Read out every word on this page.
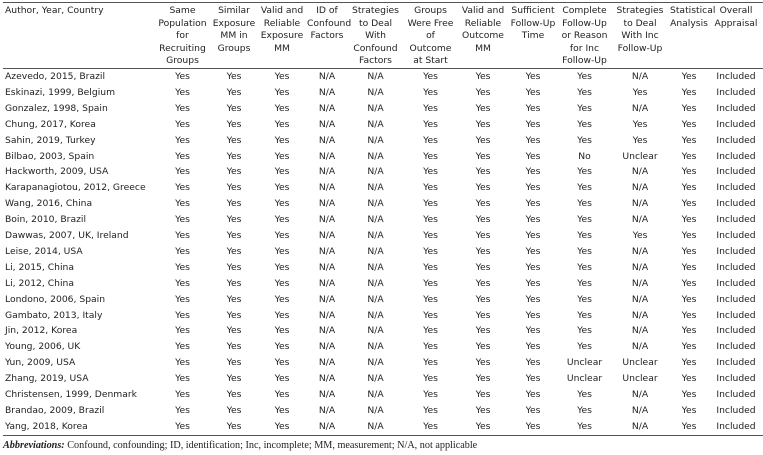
Author, Year, Country	Same Population for Recruiting Groups	Similar Exposure MM in Groups	Valid and Reliable Exposure MM	ID of Confound Factors	Strategies to Deal With Confound Factors	Groups Were Free of Outcome at Start	Valid and Reliable Outcome MM	Sufficient Follow-Up Time	Complete Follow-Up or Reason for Inc Follow-Up	Strategies to Deal With Inc Follow-Up	Statistical Analysis	Overall Appraisal
Azevedo, 2015, Brazil	Yes	Yes	Yes	N/A	N/A	Yes	Yes	Yes	Yes	N/A	Yes	Included
Eskinazi, 1999, Belgium	Yes	Yes	Yes	N/A	N/A	Yes	Yes	Yes	Yes	Yes	Yes	Included
Gonzalez, 1998, Spain	Yes	Yes	Yes	N/A	N/A	Yes	Yes	Yes	Yes	N/A	Yes	Included
Chung, 2017, Korea	Yes	Yes	Yes	N/A	N/A	Yes	Yes	Yes	Yes	Yes	Yes	Included
Sahin, 2019, Turkey	Yes	Yes	Yes	N/A	N/A	Yes	Yes	Yes	Yes	Yes	Yes	Included
Bilbao, 2003, Spain	Yes	Yes	Yes	N/A	N/A	Yes	Yes	Yes	No	Unclear	Yes	Included
Hackworth, 2009, USA	Yes	Yes	Yes	N/A	N/A	Yes	Yes	Yes	Yes	N/A	Yes	Included
Karapanagiotou, 2012, Greece	Yes	Yes	Yes	N/A	N/A	Yes	Yes	Yes	Yes	N/A	Yes	Included
Wang, 2016, China	Yes	Yes	Yes	N/A	N/A	Yes	Yes	Yes	Yes	N/A	Yes	Included
Boin, 2010, Brazil	Yes	Yes	Yes	N/A	N/A	Yes	Yes	Yes	Yes	N/A	Yes	Included
Dawwas, 2007, UK, Ireland	Yes	Yes	Yes	N/A	N/A	Yes	Yes	Yes	Yes	Yes	Yes	Included
Leise, 2014, USA	Yes	Yes	Yes	N/A	N/A	Yes	Yes	Yes	Yes	N/A	Yes	Included
Li, 2015, China	Yes	Yes	Yes	N/A	N/A	Yes	Yes	Yes	Yes	N/A	Yes	Included
Li, 2012, China	Yes	Yes	Yes	N/A	N/A	Yes	Yes	Yes	Yes	N/A	Yes	Included
Londono, 2006, Spain	Yes	Yes	Yes	N/A	N/A	Yes	Yes	Yes	Yes	N/A	Yes	Included
Gambato, 2013, Italy	Yes	Yes	Yes	N/A	N/A	Yes	Yes	Yes	Yes	N/A	Yes	Included
Jin, 2012, Korea	Yes	Yes	Yes	N/A	N/A	Yes	Yes	Yes	Yes	N/A	Yes	Included
Young, 2006, UK	Yes	Yes	Yes	N/A	N/A	Yes	Yes	Yes	Yes	N/A	Yes	Included
Yun, 2009, USA	Yes	Yes	Yes	N/A	N/A	Yes	Yes	Yes	Unclear	Unclear	Yes	Included
Zhang, 2019, USA	Yes	Yes	Yes	N/A	N/A	Yes	Yes	Yes	Unclear	Unclear	Yes	Included
Christensen, 1999, Denmark	Yes	Yes	Yes	N/A	N/A	Yes	Yes	Yes	Yes	N/A	Yes	Included
Brandao, 2009, Brazil	Yes	Yes	Yes	N/A	N/A	Yes	Yes	Yes	Yes	N/A	Yes	Included
Yang, 2018, Korea	Yes	Yes	Yes	N/A	N/A	Yes	Yes	Yes	Yes	N/A	Yes	Included
Abbreviations: Confound, confounding; ID, identification; Inc, incomplete; MM, measurement; N/A, not applicable
